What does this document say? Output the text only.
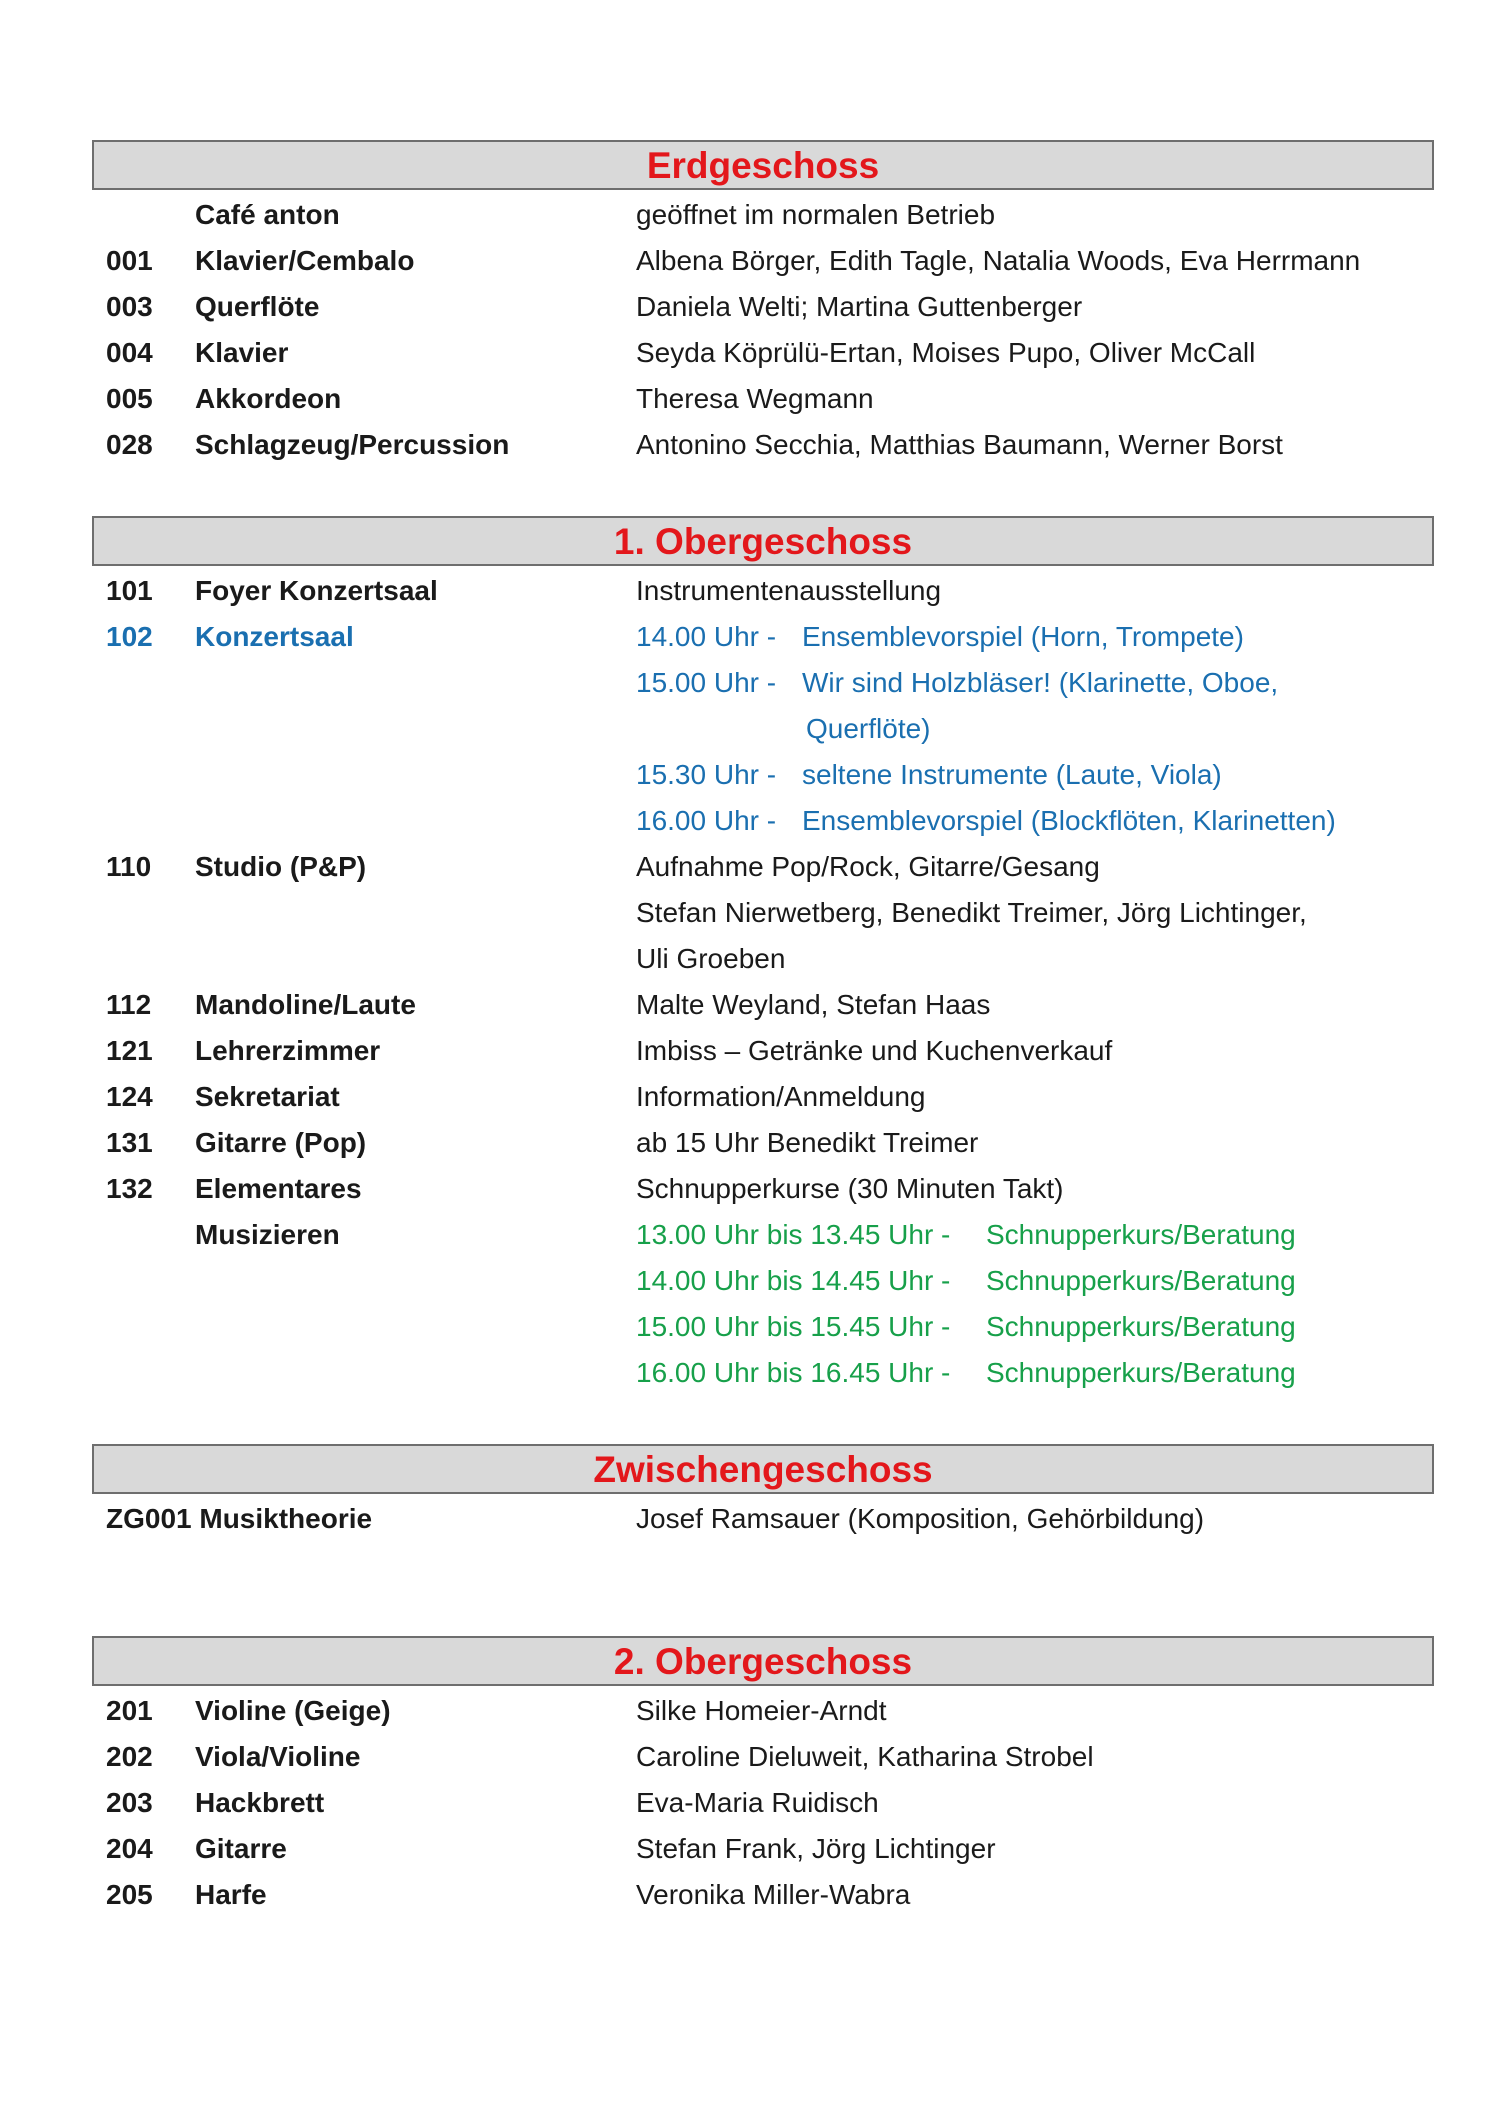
Erdgeschoss
Café anton	geöffnet im normalen Betrieb
001 Klavier/Cembalo	Albena Börger, Edith Tagle, Natalia Woods, Eva Herrmann
003 Querflöte	Daniela Welti; Martina Guttenberger
004 Klavier	Seyda Köprülü-Ertan, Moises Pupo, Oliver McCall
005 Akkordeon	Theresa Wegmann
028 Schlagzeug/Percussion	Antonino Secchia, Matthias Baumann, Werner Borst
1. Obergeschoss
101 Foyer Konzertsaal	Instrumentenausstellung
102 Konzertsaal	14.00 Uhr - Ensemblevorspiel (Horn, Trompete)
15.00 Uhr - Wir sind Holzbläser! (Klarinette, Oboe,
Querflöte)
15.30 Uhr - seltene Instrumente (Laute, Viola)
16.00 Uhr - Ensemblevorspiel (Blockflöten, Klarinetten)
110 Studio (P&P)	Aufnahme Pop/Rock, Gitarre/Gesang
Stefan Nierwetberg, Benedikt Treimer, Jörg Lichtinger,
Uli Groeben
112 Mandoline/Laute	Malte Weyland, Stefan Haas
121 Lehrerzimmer	Imbiss – Getränke und Kuchenverkauf
124 Sekretariat	Information/Anmeldung
131 Gitarre (Pop)	ab 15 Uhr Benedikt Treimer
132 Elementares	Schnupperkurse (30 Minuten Takt)
Musizieren	13.00 Uhr bis 13.45 Uhr - Schnupperkurs/Beratung
14.00 Uhr bis 14.45 Uhr - Schnupperkurs/Beratung
15.00 Uhr bis 15.45 Uhr - Schnupperkurs/Beratung
16.00 Uhr bis 16.45 Uhr - Schnupperkurs/Beratung
Zwischengeschoss
ZG001 Musiktheorie	Josef Ramsauer (Komposition, Gehörbildung)
2. Obergeschoss
201 Violine (Geige)	Silke Homeier-Arndt
202 Viola/Violine	Caroline Dieluweit, Katharina Strobel
203 Hackbrett	Eva-Maria Ruidisch
204 Gitarre	Stefan Frank, Jörg Lichtinger
205 Harfe	Veronika Miller-Wabra
